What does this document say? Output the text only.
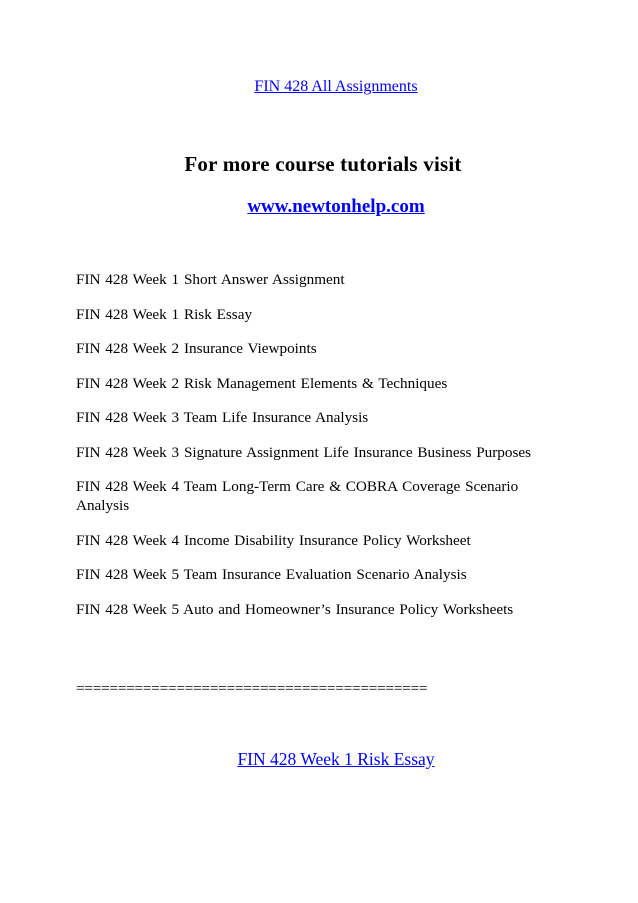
FIN 428 All Assignments
For more course tutorials visit
www.newtonhelp.com

FIN 428 Week 1 Short Answer Assignment

FIN 428 Week 1 Risk Essay

FIN 428 Week 2 Insurance Viewpoints

FIN 428 Week 2 Risk Management Elements & Techniques

FIN 428 Week 3 Team Life Insurance Analysis

FIN 428 Week 3 Signature Assignment Life Insurance Business Purposes

FIN 428 Week 4 Team Long-Term Care & COBRA Coverage Scenario Analysis

FIN 428 Week 4 Income Disability Insurance Policy Worksheet

FIN 428 Week 5 Team Insurance Evaluation Scenario Analysis

FIN 428 Week 5 Auto and Homeowner’s Insurance Policy Worksheets

==========================================
FIN 428 Week 1 Risk Essay
